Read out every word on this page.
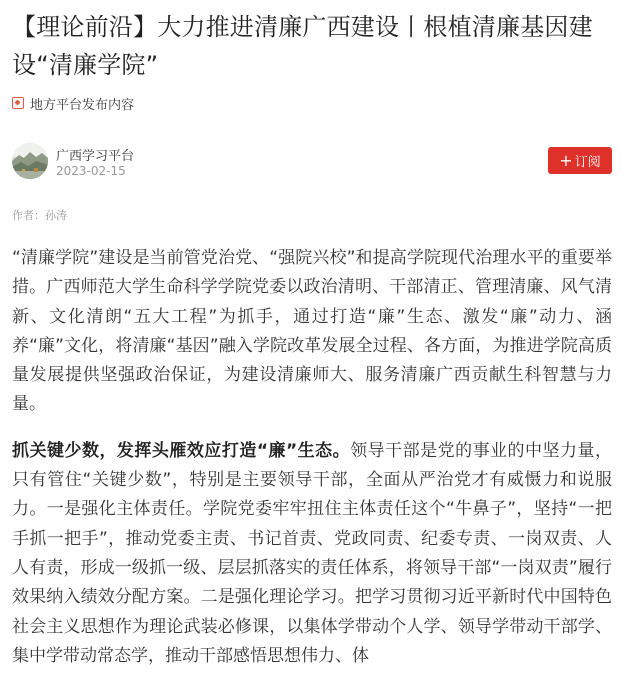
【理论前沿】大力推进清廉广西建设丨根植清廉基因建设“清廉学院”
地方平台发布内容
广西学习平台
2023-02-15
+ 订阅
作者：孙涛

“清廉学院”建设是当前管党治党、“强院兴校”和提高学院现代治理水平的重要举措。广西师范大学生命科学学院党委以政治清明、干部清正、管理清廉、风气清新、文化清朗“五大工程”为抓手，通过打造“廉”生态、激发“廉”动力、涵养“廉”文化，将清廉“基因”融入学院改革发展全过程、各方面，为推进学院高质量发展提供坚强政治保证，为建设清廉师大、服务清廉广西贡献生科智慧与力量。

抓关键少数，发挥头雁效应打造“廉”生态。领导干部是党的事业的中坚力量，只有管住“关键少数”，特别是主要领导干部，全面从严治党才有威慑力和说服力。一是强化主体责任。学院党委牢牢扭住主体责任这个“牛鼻子”，坚持“一把手抓一把手”，推动党委主责、书记首责、党政同责、纪委专责、一岗双责、人人有责，形成一级抓一级、层层抓落实的责任体系，将领导干部“一岗双责”履行效果纳入绩效分配方案。二是强化理论学习。把学习贯彻习近平新时代中国特色社会主义思想作为理论武装必修课，以集体学带动个人学、领导学带动干部学、集中学带动常态学，推动干部感悟思想伟力、体
